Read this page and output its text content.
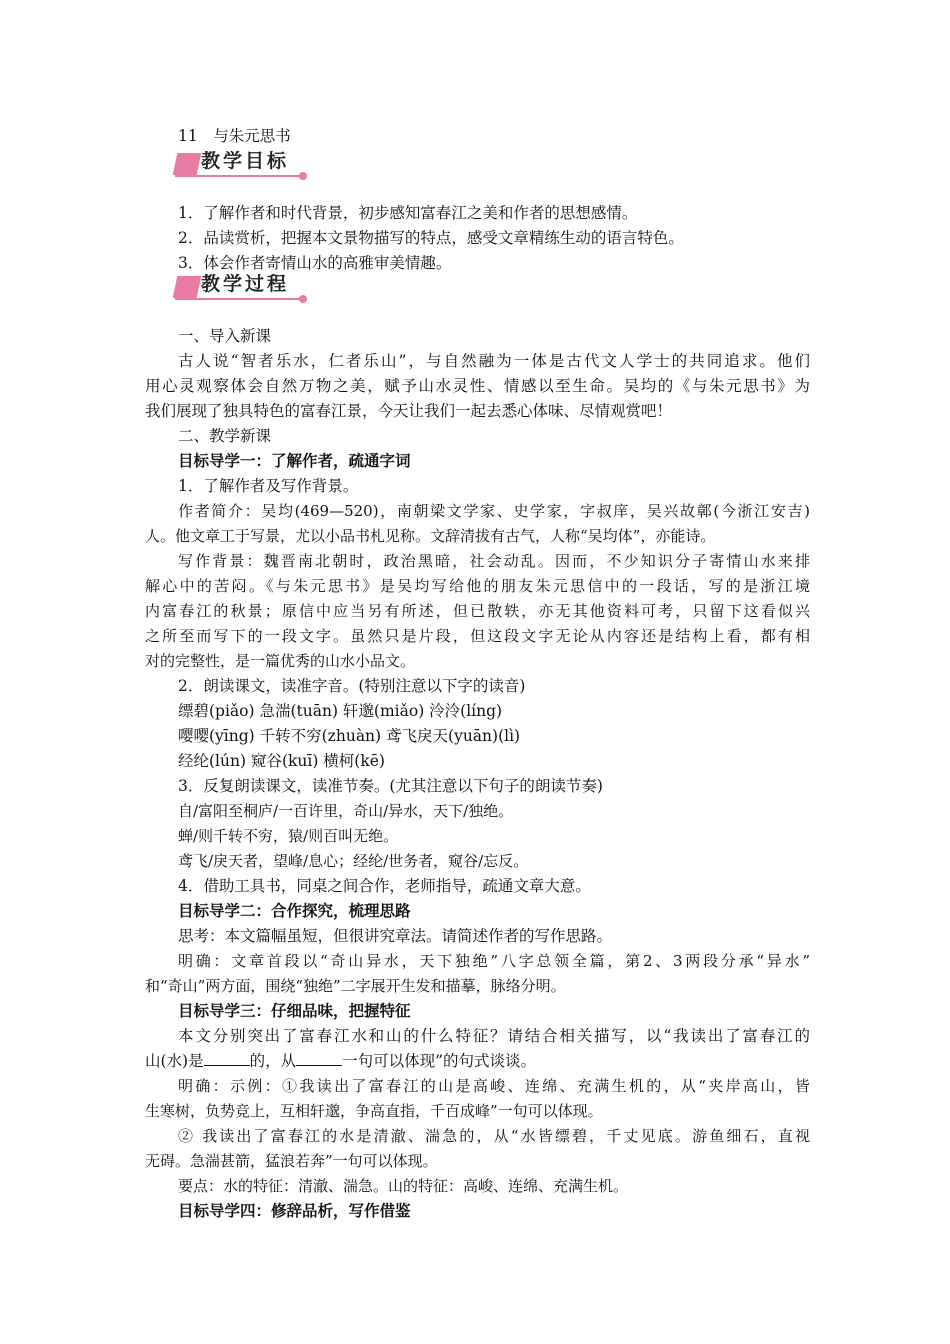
11　与朱元思书
教学目标
1．了解作者和时代背景，初步感知富春江之美和作者的思想感情。
2．品读赏析，把握本文景物描写的特点，感受文章精练生动的语言特色。
3．体会作者寄情山水的高雅审美情趣。
教学过程
一、导入新课
古人说“智者乐水，仁者乐山”，与自然融为一体是古代文人学士的共同追求。他们
用心灵观察体会自然万物之美，赋予山水灵性、情感以至生命。吴均的《与朱元思书》为
我们展现了独具特色的富春江景，今天让我们一起去悉心体味、尽情观赏吧！
二、教学新课
目标导学一：了解作者，疏通字词
1．了解作者及写作背景。
作者简介：吴均(469—520)，南朝梁文学家、史学家，字叔庠，吴兴故鄣(今浙江安吉)
人。他文章工于写景，尤以小品书札见称。文辞清拔有古气，人称“吴均体”，亦能诗。
写作背景：魏晋南北朝时，政治黑暗，社会动乱。因而，不少知识分子寄情山水来排
解心中的苦闷。《与朱元思书》是吴均写给他的朋友朱元思信中的一段话，写的是浙江境
内富春江的秋景；原信中应当另有所述，但已散轶，亦无其他资料可考，只留下这看似兴
之所至而写下的一段文字。虽然只是片段，但这段文字无论从内容还是结构上看，都有相
对的完整性，是一篇优秀的山水小品文。
2．朗读课文，读准字音。(特别注意以下字的读音)
缥碧(piǎo) 急湍(tuān) 轩邈(miǎo) 泠泠(líng)
嘤嘤(yīng) 千转不穷(zhuàn) 鸢飞戾天(yuān)(lì)
经纶(lún) 窥谷(kuī) 横柯(kē)
3．反复朗读课文，读准节奏。(尤其注意以下句子的朗读节奏)
自/富阳至桐庐/一百许里，奇山/异水，天下/独绝。
蝉/则千转不穷，猿/则百叫无绝。
鸢飞/戾天者，望峰/息心；经纶/世务者，窥谷/忘反。
4．借助工具书，同桌之间合作，老师指导，疏通文章大意。
目标导学二：合作探究，梳理思路
思考：本文篇幅虽短，但很讲究章法。请简述作者的写作思路。
明确：文章首段以“奇山异水，天下独绝”八字总领全篇，第2、3两段分承“异水”
和“奇山”两方面，围绕“独绝”二字展开生发和描摹，脉络分明。
目标导学三：仔细品味，把握特征
本文分别突出了富春江水和山的什么特征？请结合相关描写，以“我读出了富春江的
山(水)是	的，从	一句可以体现”的句式谈谈。
明确：示例：①我读出了富春江的山是高峻、连绵、充满生机的，从“夹岸高山，皆
生寒树，负势竞上，互相轩邈，争高直指，千百成峰”一句可以体现。
② 我读出了富春江的水是清澈、湍急的，从“水皆缥碧，千丈见底。游鱼细石，直视
无碍。急湍甚箭，猛浪若奔”一句可以体现。
要点：水的特征：清澈、湍急。山的特征：高峻、连绵、充满生机。
目标导学四：修辞品析，写作借鉴
